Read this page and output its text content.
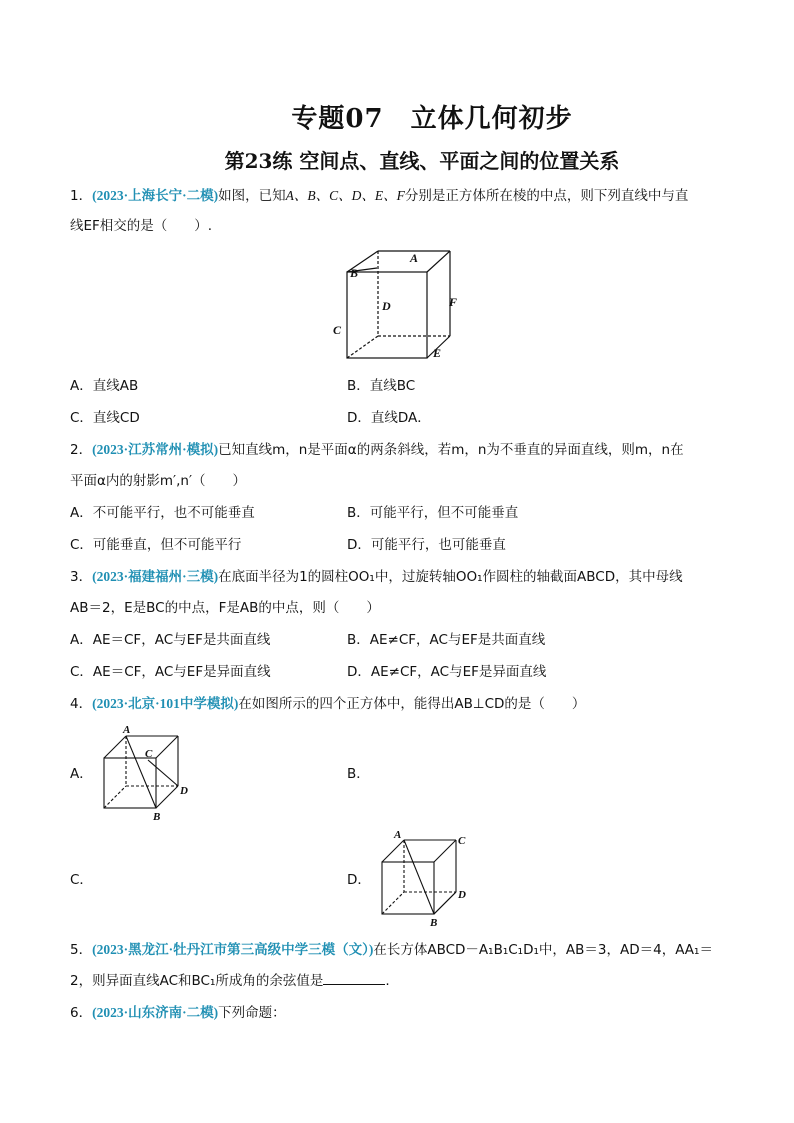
专题07　立体几何初步
第23练 空间点、直线、平面之间的位置关系
1．(2023·上海长宁·二模)如图，已知A、B、C、D、E、F分别是正方体所在棱的中点，则下列直线中与直
线EF相交的是（　　）.
A
B
C
D
E
F
A．直线AB	B．直线BC
C．直线CD	D．直线DA．
2．(2023·江苏常州·模拟)已知直线m，n是平面α的两条斜线，若m，n为不垂直的异面直线，则m，n在
平面α内的射影m′,n′（　　）
A．不可能平行，也不可能垂直	B．可能平行，但不可能垂直
C．可能垂直，但不可能平行	D．可能平行，也可能垂直
3．(2023·福建福州·三模)在底面半径为1的圆柱OO₁中，过旋转轴OO₁作圆柱的轴截面ABCD，其中母线
AB＝2，E是BC的中点，F是AB的中点，则（　　）
A．AE＝CF，AC与EF是共面直线	B．AE≠CF，AC与EF是共面直线
C．AE＝CF，AC与EF是异面直线	D．AE≠CF，AC与EF是异面直线
4．(2023·北京·101中学模拟)在如图所示的四个正方体中，能得出AB⊥CD的是（　　）
A．
A
C
D
B
B．
C．	D．
A	C
D
B
5．(2023·黑龙江·牡丹江市第三高级中学三模（文）)在长方体ABCD－A₁B₁C₁D₁中，AB＝3，AD＝4，AA₁＝
2，则异面直线AC和BC₁所成角的余弦值是	.
6．(2023·山东济南·二模)下列命题：
